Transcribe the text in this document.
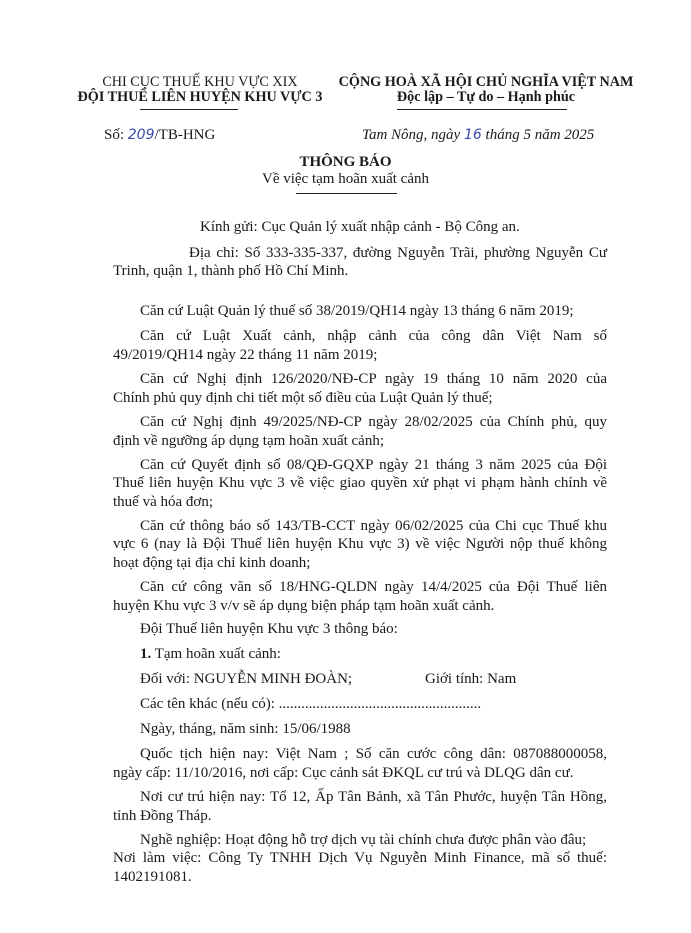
CHI CỤC THUẾ KHU VỰC XIX
ĐỘI THUẾ LIÊN HUYỆN KHU VỰC 3
CỘNG HOÀ XÃ HỘI CHỦ NGHĨA VIỆT NAM
Độc lập – Tự do – Hạnh phúc
Số: 209/TB-HNG	Tam Nông, ngày 16 tháng 5 năm 2025
THÔNG BÁO
Về việc tạm hoãn xuất cảnh
Kính gửi: Cục Quản lý xuất nhập cảnh - Bộ Công an.
Địa chỉ: Số 333-335-337, đường Nguyễn Trãi, phường Nguyễn Cư
Trinh, quận 1, thành phố Hồ Chí Minh.
Căn cứ Luật Quản lý thuế số 38/2019/QH14 ngày 13 tháng 6 năm 2019;
Căn cứ Luật Xuất cảnh, nhập cảnh của công dân Việt Nam số
49/2019/QH14 ngày 22 tháng 11 năm 2019;
Căn cứ Nghị định 126/2020/NĐ-CP ngày 19 tháng 10 năm 2020 của
Chính phủ quy định chi tiết một số điều của Luật Quản lý thuế;
Căn cứ Nghị định 49/2025/NĐ-CP ngày 28/02/2025 của Chính phủ, quy
định về ngưỡng áp dụng tạm hoãn xuất cảnh;
Căn cứ Quyết định số 08/QĐ-GQXP ngày 21 tháng 3 năm 2025 của Đội
Thuế liên huyện Khu vực 3 về việc giao quyền xử phạt vi phạm hành chính về
thuế và hóa đơn;
Căn cứ thông báo số 143/TB-CCT ngày 06/02/2025 của Chi cục Thuế khu
vực 6 (nay là Đội Thuế liên huyện Khu vực 3) về việc Người nộp thuế không
hoạt động tại địa chỉ kinh doanh;
Căn cứ công văn số 18/HNG-QLDN ngày 14/4/2025 của Đội Thuế liên
huyện Khu vực 3 v/v sẽ áp dụng biện pháp tạm hoãn xuất cảnh.
Đội Thuế liên huyện Khu vực 3 thông báo:
1. Tạm hoãn xuất cảnh:
Đối với: NGUYỄN MINH ĐOÀN;	Giới tính: Nam
Các tên khác (nếu có): ......................................................
Ngày, tháng, năm sinh: 15/06/1988
Quốc tịch hiện nay: Việt Nam ; Số căn cước công dân: 087088000058,
ngày cấp: 11/10/2016, nơi cấp: Cục cảnh sát ĐKQL cư trú và DLQG dân cư.
Nơi cư trú hiện nay: Tổ 12, Ấp Tân Bảnh, xã Tân Phước, huyện Tân Hồng,
tỉnh Đồng Tháp.
Nghề nghiệp: Hoạt động hỗ trợ dịch vụ tài chính chưa được phân vào đâu;
Nơi làm việc: Công Ty TNHH Dịch Vụ Nguyễn Minh Finance, mã số thuế:
1402191081.
